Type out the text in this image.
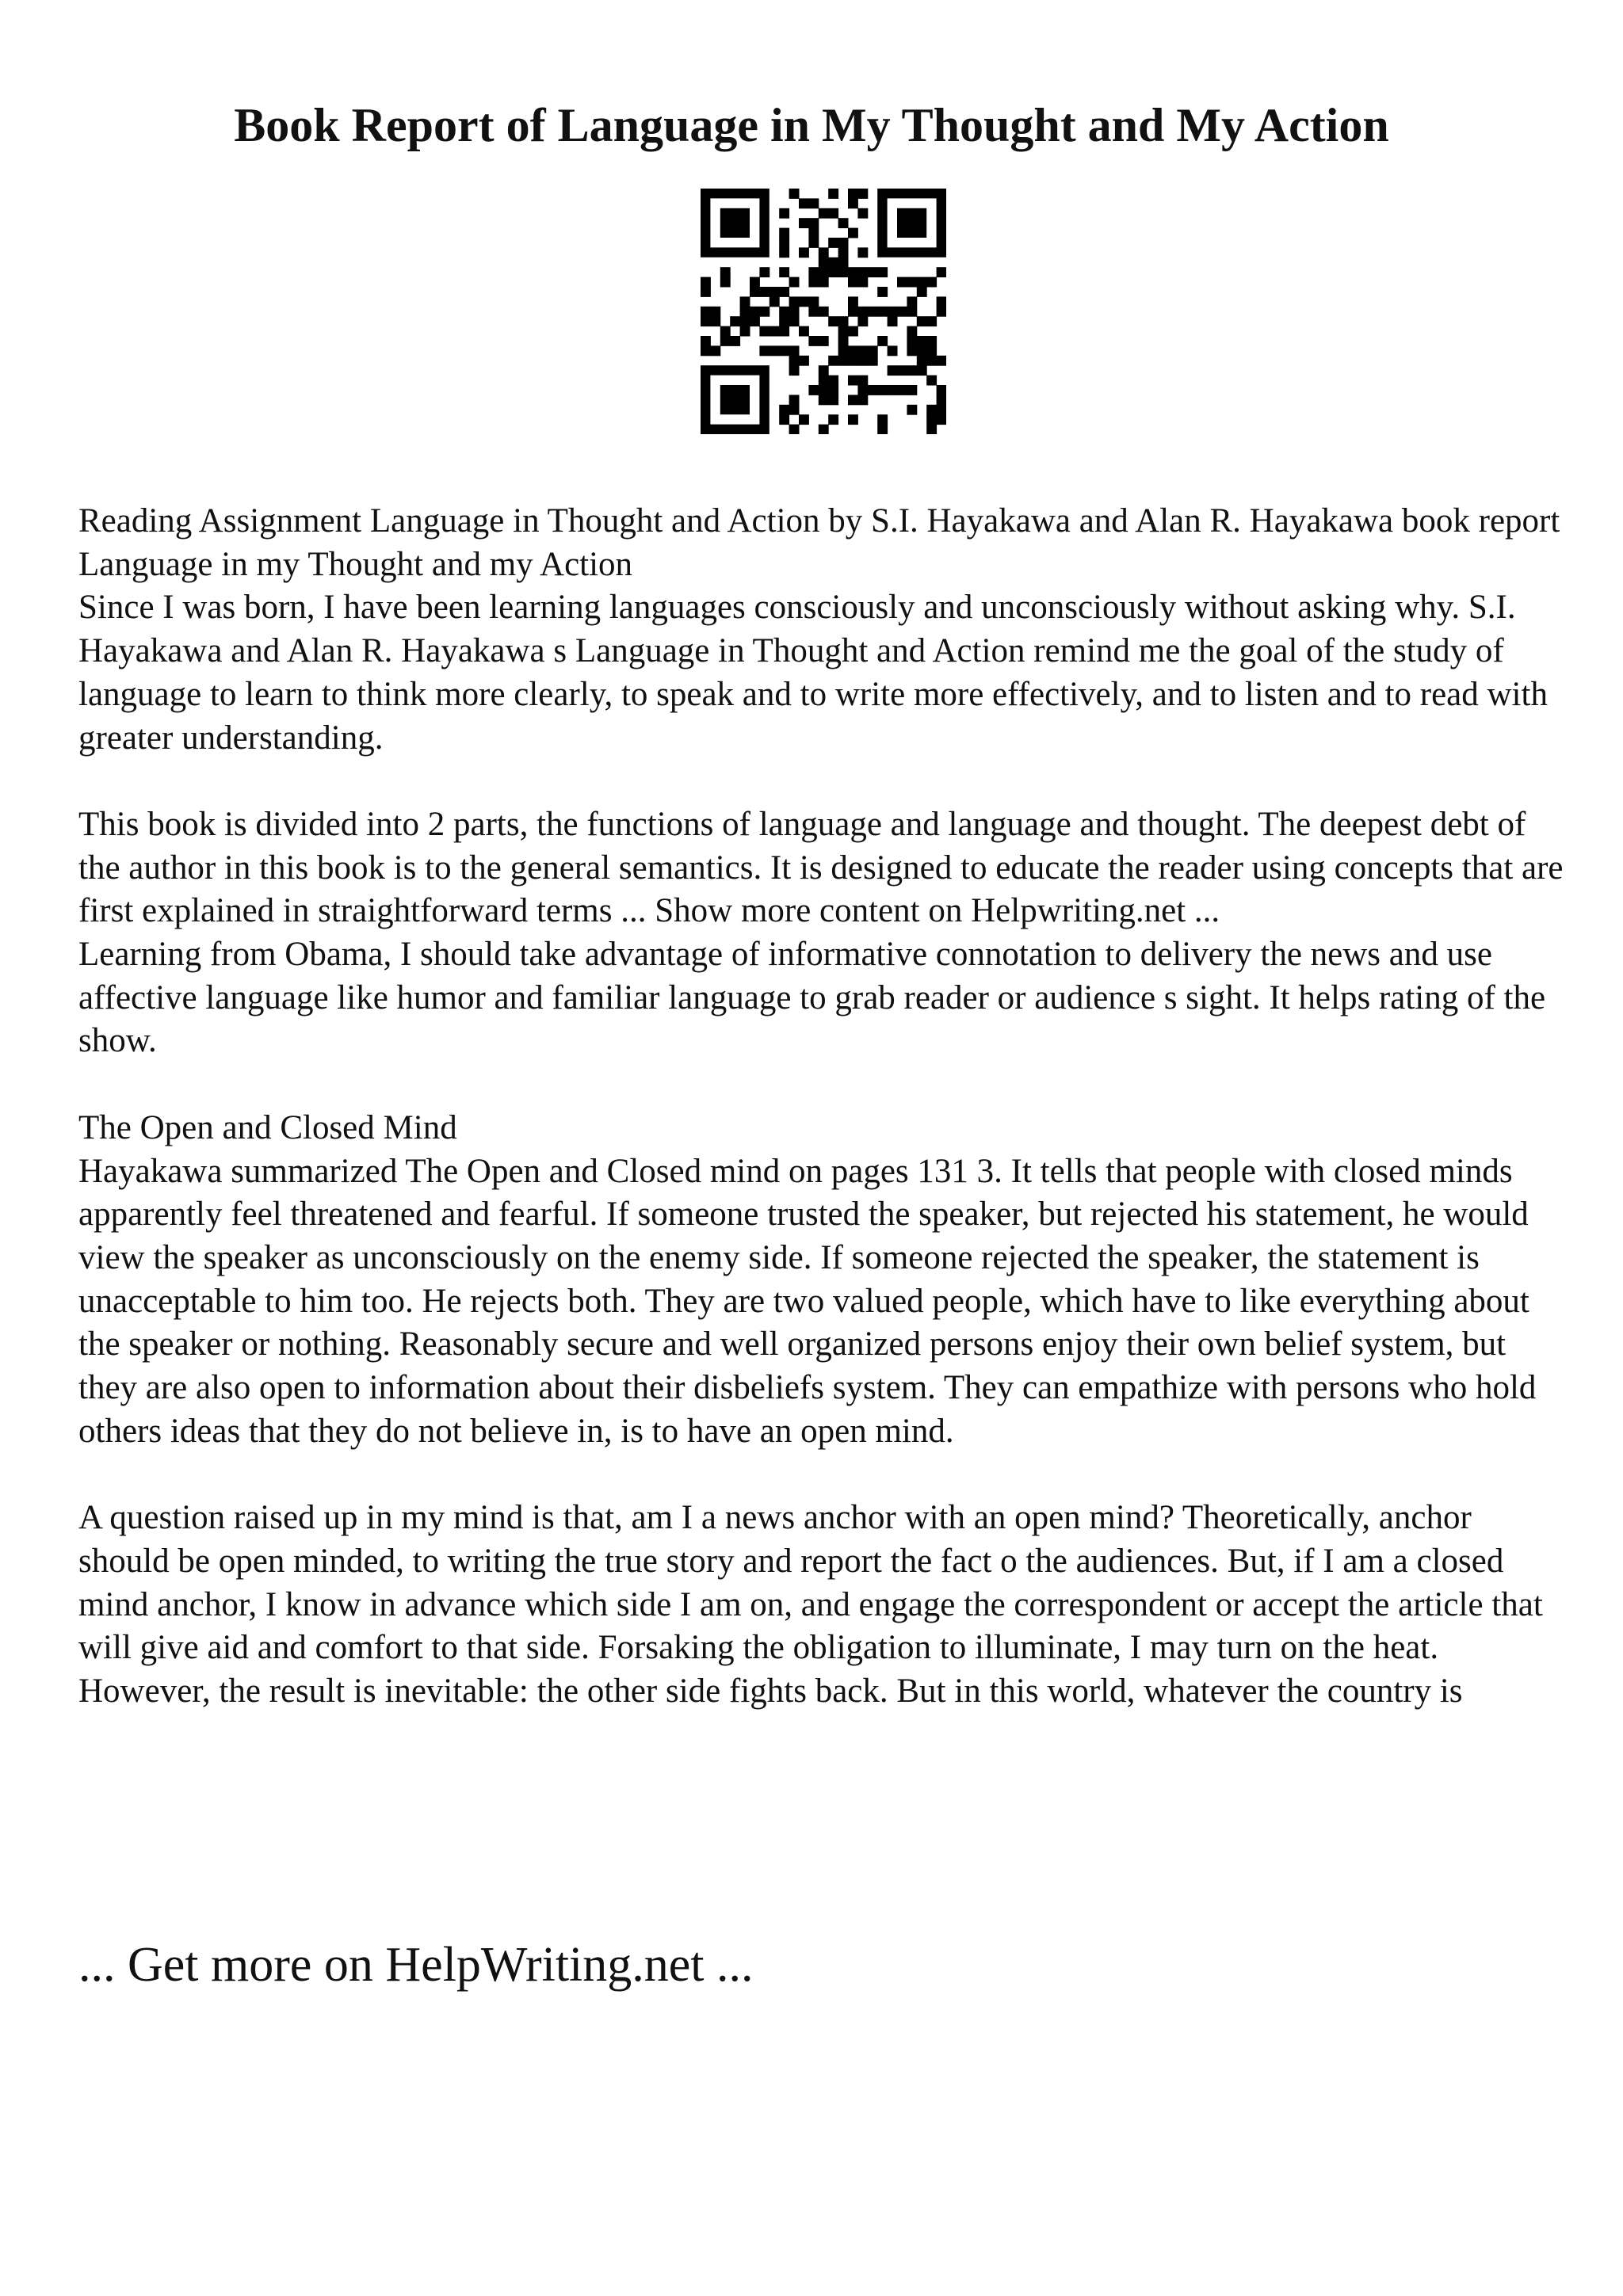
Book Report of Language in My Thought and My Action

Reading Assignment Language in Thought and Action by S.I. Hayakawa and Alan R. Hayakawa book report

Language in my Thought and my Action

Since I was born, I have been learning languages consciously and unconsciously without asking why. S.I. Hayakawa and Alan R. Hayakawa s Language in Thought and Action remind me the goal of the study of language to learn to think more clearly, to speak and to write more effectively, and to listen and to read with greater understanding.

This book is divided into 2 parts, the functions of language and language and thought. The deepest debt of the author in this book is to the general semantics. It is designed to educate the reader using concepts that are first explained in straightforward terms ... Show more content on Helpwriting.net ...

Learning from Obama, I should take advantage of informative connotation to delivery the news and use affective language like humor and familiar language to grab reader or audience s sight. It helps rating of the show.

The Open and Closed Mind

Hayakawa summarized The Open and Closed mind on pages 131 3. It tells that people with closed minds apparently feel threatened and fearful. If someone trusted the speaker, but rejected his statement, he would view the speaker as unconsciously on the enemy side. If someone rejected the speaker, the statement is unacceptable to him too. He rejects both. They are two valued people, which have to like everything about the speaker or nothing. Reasonably secure and well organized persons enjoy their own belief system, but they are also open to information about their disbeliefs system. They can empathize with persons who hold others ideas that they do not believe in, is to have an open mind.

A question raised up in my mind is that, am I a news anchor with an open mind? Theoretically, anchor should be open minded, to writing the true story and report the fact o the audiences. But, if I am a closed mind anchor, I know in advance which side I am on, and engage the correspondent or accept the article that will give aid and comfort to that side. Forsaking the obligation to illuminate, I may turn on the heat. However, the result is inevitable: the other side fights back. But in this world, whatever the country is

... Get more on HelpWriting.net ...
